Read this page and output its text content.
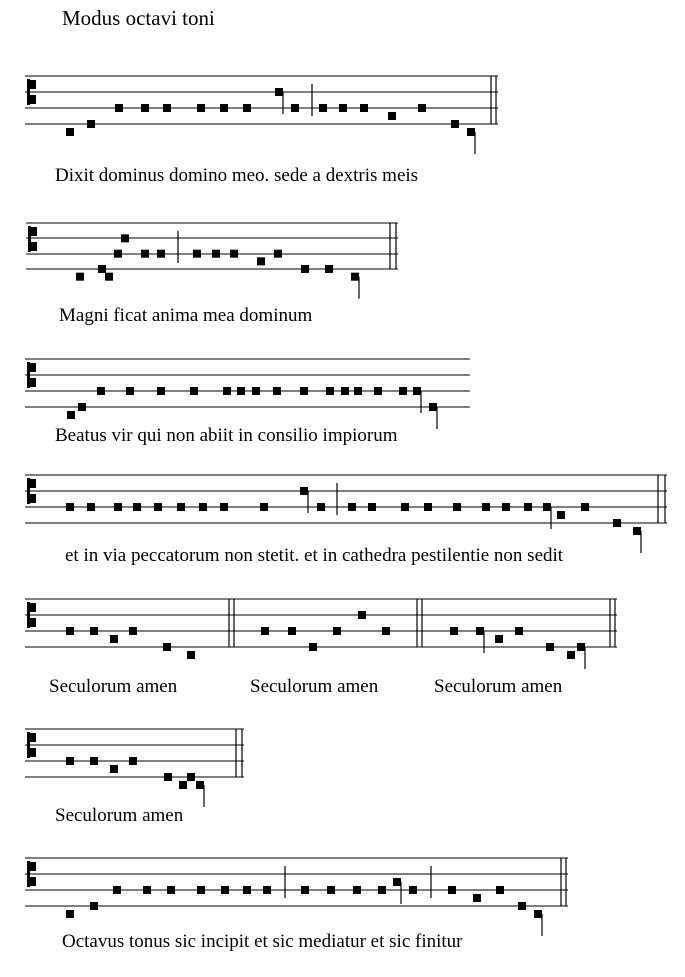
Modus octavi toni
Dixit dominus domino meo. sede a dextris meis
Magni ficat anima mea dominum
Beatus vir qui non abiit in consilio impiorum
et in via peccatorum non stetit. et in cathedra pestilentie non sedit
Seculorum amen	Seculorum amen	Seculorum amen
Seculorum amen
Octavus tonus sic incipit et sic mediatur et sic finitur
